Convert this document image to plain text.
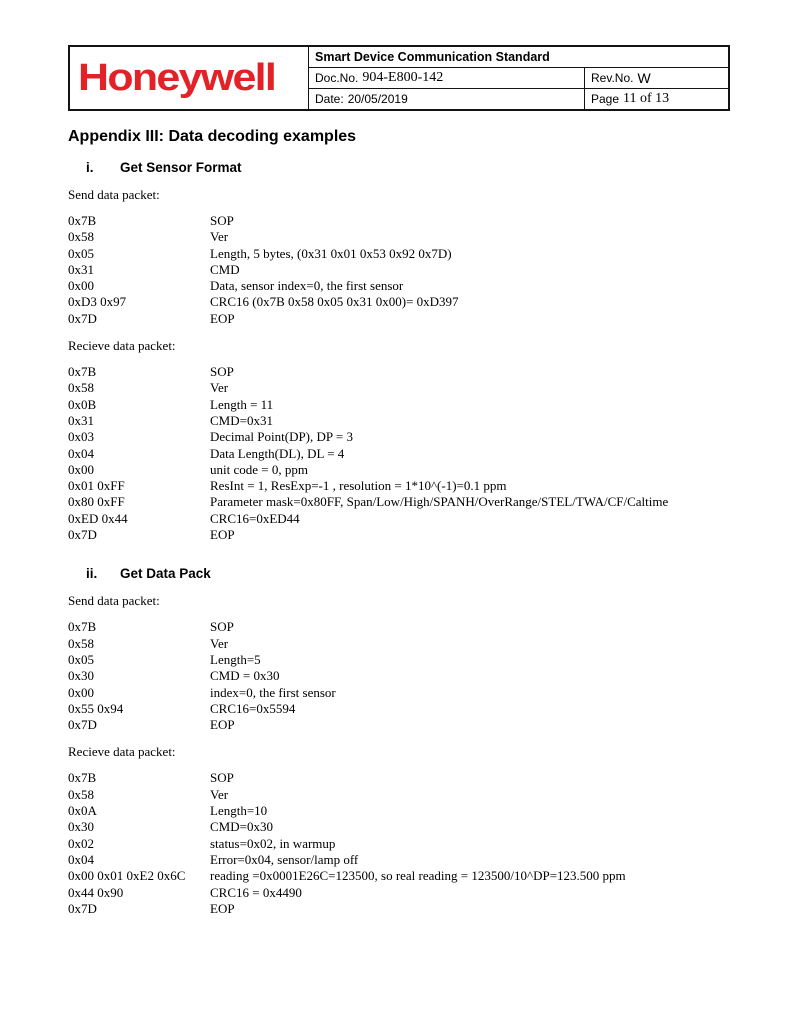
Honeywell	Smart Device Communication Standard
Doc.No. 904-E800-142	Rev.No. W
Date: 20/05/2019	Page 11 of 13
Appendix III: Data decoding examples
i.	Get Sensor Format
Send data packet:
0x7B	SOP
0x58	Ver
0x05	Length, 5 bytes, (0x31 0x01 0x53 0x92 0x7D)
0x31	CMD
0x00	Data, sensor index=0, the first sensor
0xD3 0x97	CRC16 (0x7B 0x58 0x05 0x31 0x00)= 0xD397
0x7D	EOP
Recieve data packet:
0x7B	SOP
0x58	Ver
0x0B	Length = 11
0x31	CMD=0x31
0x03	Decimal Point(DP), DP = 3
0x04	Data Length(DL), DL = 4
0x00	unit code = 0, ppm
0x01 0xFF	ResInt = 1, ResExp=-1 , resolution = 1*10^(-1)=0.1 ppm
0x80 0xFF	Parameter mask=0x80FF, Span/Low/High/SPANH/OverRange/STEL/TWA/CF/Caltime
0xED 0x44	CRC16=0xED44
0x7D	EOP
ii.	Get Data Pack
Send data packet:
0x7B	SOP
0x58	Ver
0x05	Length=5
0x30	CMD = 0x30
0x00	index=0, the first sensor
0x55 0x94	CRC16=0x5594
0x7D	EOP
Recieve data packet:
0x7B	SOP
0x58	Ver
0x0A	Length=10
0x30	CMD=0x30
0x02	status=0x02, in warmup
0x04	Error=0x04, sensor/lamp off
0x00 0x01 0xE2 0x6C	reading =0x0001E26C=123500, so real reading = 123500/10^DP=123.500 ppm
0x44 0x90	CRC16 = 0x4490
0x7D	EOP
